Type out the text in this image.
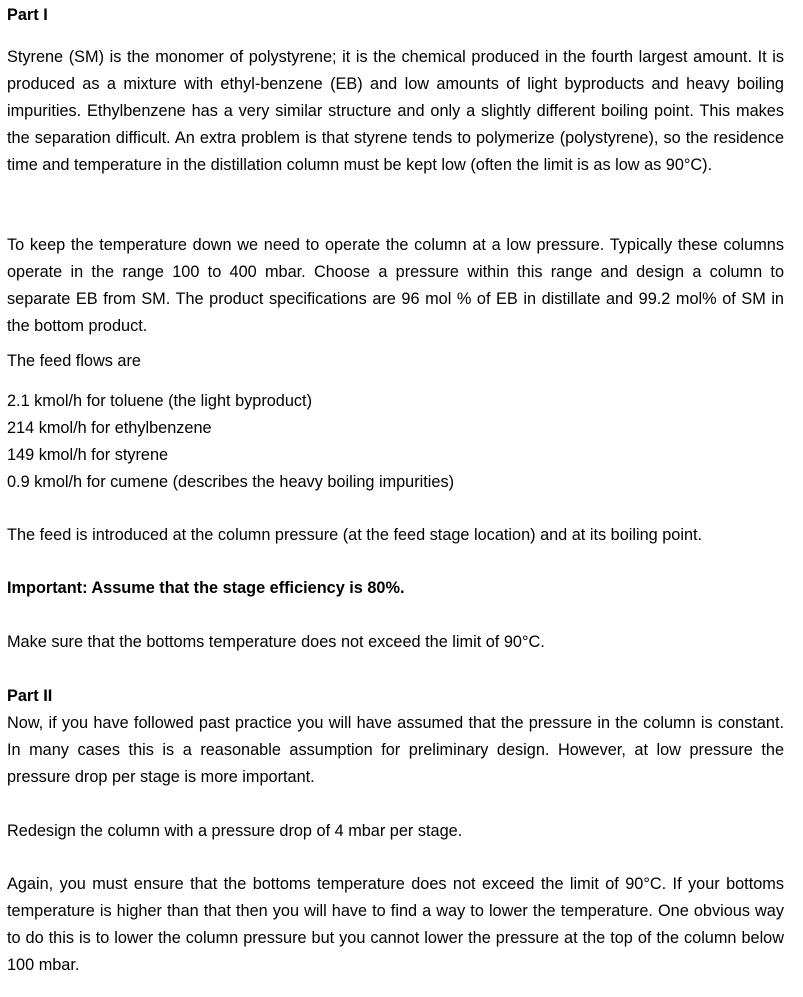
Part I

Styrene (SM) is the monomer of polystyrene; it is the chemical produced in the fourth largest amount. It is produced as a mixture with ethyl-benzene (EB) and low amounts of light byproducts and heavy boiling impurities. Ethylbenzene has a very similar structure and only a slightly different boiling point. This makes the separation difficult. An extra problem is that styrene tends to polymerize (polystyrene), so the residence time and temperature in the distillation column must be kept low (often the limit is as low as 90°C).

To keep the temperature down we need to operate the column at a low pressure. Typically these columns operate in the range 100 to 400 mbar. Choose a pressure within this range and design a column to separate EB from SM. The product specifications are 96 mol % of EB in distillate and 99.2 mol% of SM in the bottom product.

The feed flows are

2.1 kmol/h for toluene (the light byproduct)

214 kmol/h for ethylbenzene

149 kmol/h for styrene

0.9 kmol/h for cumene (describes the heavy boiling impurities)

The feed is introduced at the column pressure (at the feed stage location) and at its boiling point.

Important: Assume that the stage efficiency is 80%.

Make sure that the bottoms temperature does not exceed the limit of 90°C.

Part II

Now, if you have followed past practice you will have assumed that the pressure in the column is constant. In many cases this is a reasonable assumption for preliminary design. However, at low pressure the pressure drop per stage is more important.

Redesign the column with a pressure drop of 4 mbar per stage.

Again, you must ensure that the bottoms temperature does not exceed the limit of 90°C. If your bottoms temperature is higher than that then you will have to find a way to lower the temperature. One obvious way to do this is to lower the column pressure but you cannot lower the pressure at the top of the column below 100 mbar.
